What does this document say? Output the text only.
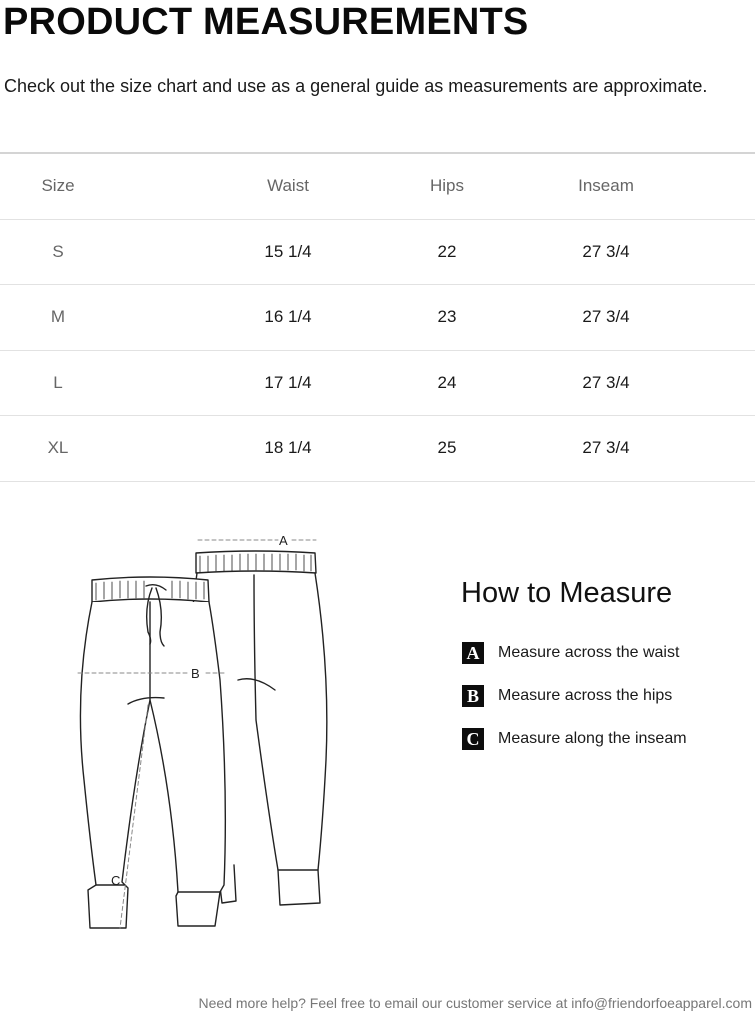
PRODUCT MEASUREMENTS
Check out the size chart and use as a general guide as measurements are approximate.
Size	Waist	Hips	Inseam
S	15 1/4	22	27 3/4
M	16 1/4	23	27 3/4
L	17 1/4	24	27 3/4
XL	18 1/4	25	27 3/4
A
B
C
How to Measure
A Measure across the waist
B	Measure across the hips
C Measure along the inseam
Need more help? Feel free to email our customer service at info@friendorfoeapparel.com
